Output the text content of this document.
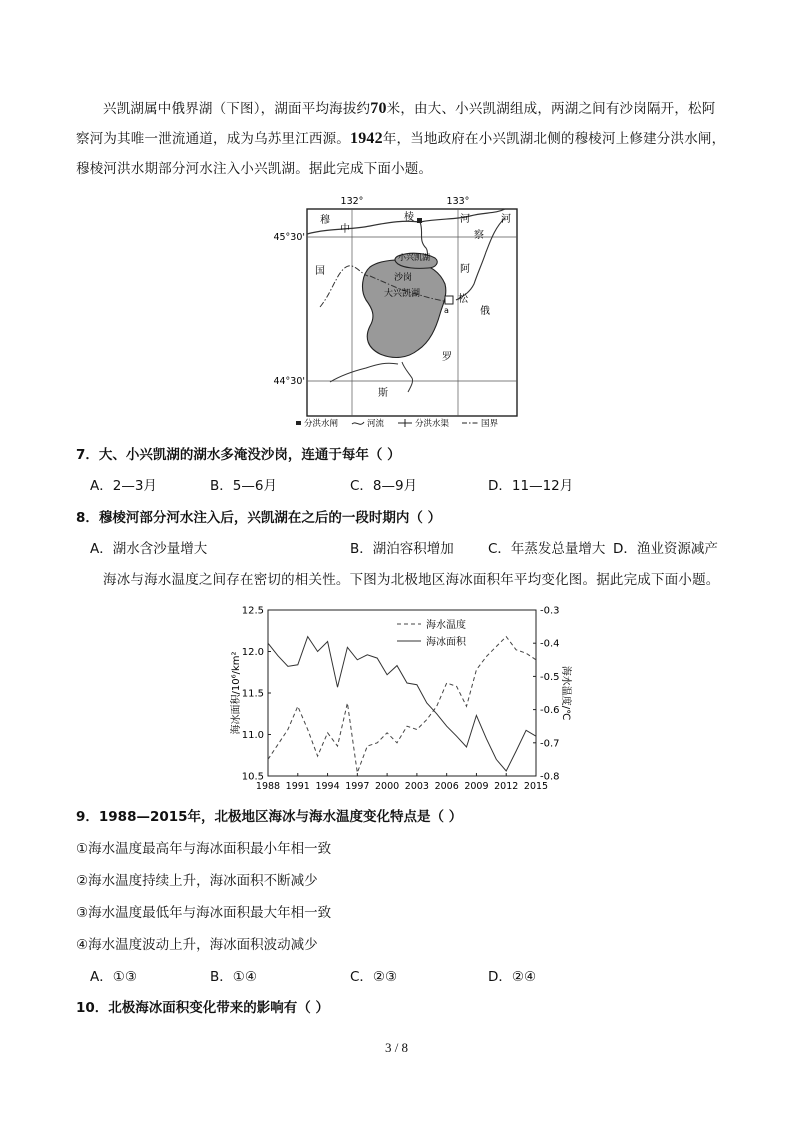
兴凯湖属中俄界湖（下图），湖面平均海拔约70米，由大、小兴凯湖组成，两湖之间有沙岗隔开，松阿察河为其唯一泄流通道，成为乌苏里江西源。1942年，当地政府在小兴凯湖北侧的穆棱河上修建分洪水闸，穆棱河洪水期部分河水注入小兴凯湖。据此完成下面小题。
132°	133°
45°30'
44°30'
穆
中
棱	河	河
察
阿
松
俄
国
罗
斯
小兴凯湖
沙岗
大兴凯湖
a
分洪水闸	河流	分洪水渠	国界
7．大、小兴凯湖的湖水多淹没沙岗，连通于每年（ ）
A．2—3月	B．5—6月	C．8—9月	D．11—12月
8．穆棱河部分河水注入后，兴凯湖在之后的一段时期内（ ）
A．湖水含沙量增大	B．湖泊容积增加	C．年蒸发总量增大 D．渔业资源减产
海冰与海水温度之间存在密切的相关性。下图为北极地区海冰面积年平均变化图。据此完成下面小题。
海冰面积/10⁶/km²	海水温度/℃
1988 1991 1994 1997 2000 2003 2006 2009 2012 2015
12.5
12.0
11.5
11.0
10.5
-0.3
-0.4
-0.5
-0.6
-0.7
-0.8
海水温度
海冰面积
9．1988—2015年，北极地区海冰与海水温度变化特点是（ ）
①海水温度最高年与海冰面积最小年相一致
②海水温度持续上升，海冰面积不断减少
③海水温度最低年与海冰面积最大年相一致
④海水温度波动上升，海冰面积波动减少
A．①③	B．①④	C．②③	D．②④
10．北极海冰面积变化带来的影响有（ ）
3 / 8
